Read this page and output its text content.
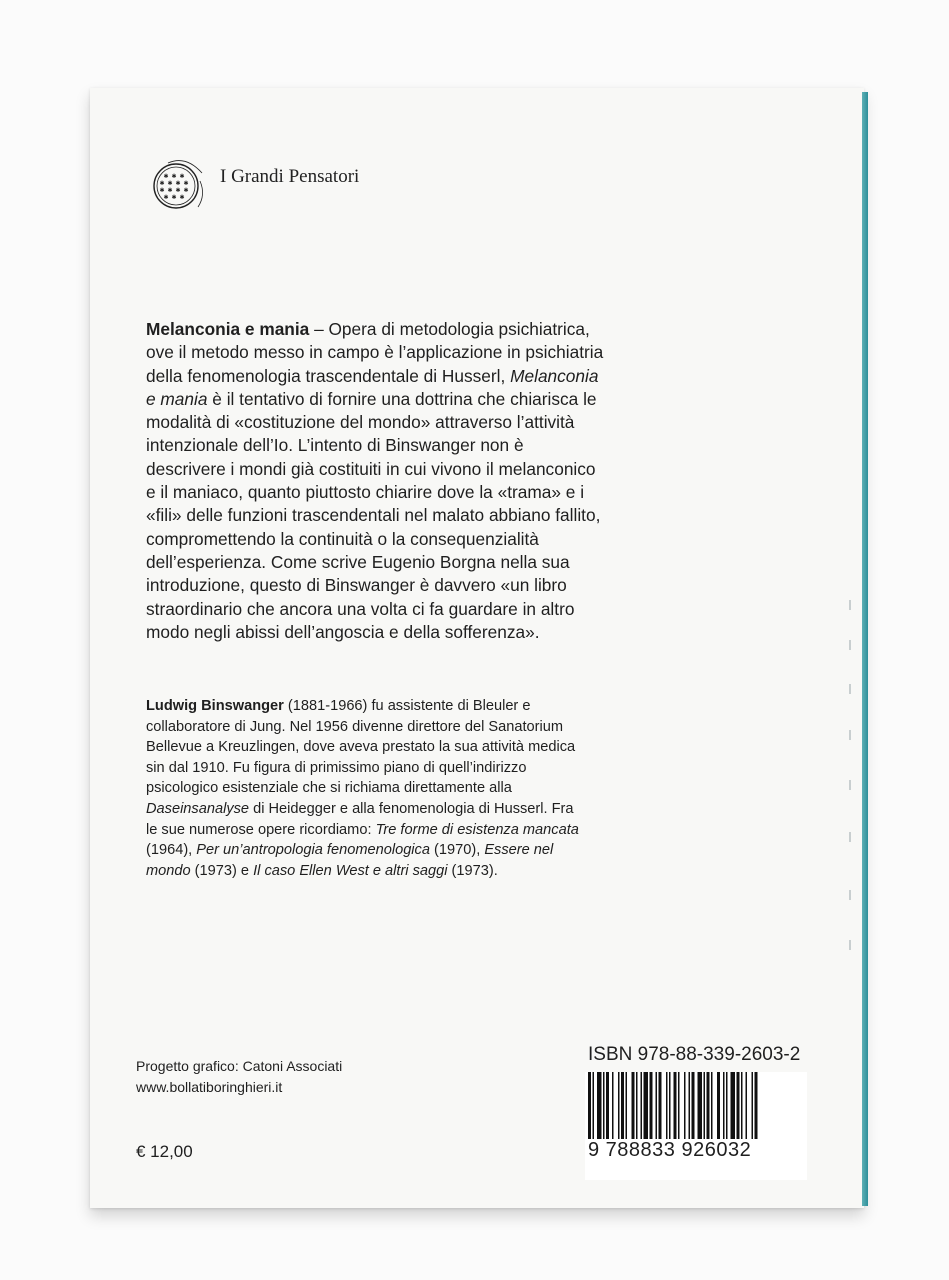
✱ ✱ ✱
✱ ✱ ✱ ✱
✱ ✱ ✱ ✱
✱ ✱ ✱
I Grandi Pensatori

Melanconia e mania – Opera di metodologia psichiatrica, ove il metodo messo in campo è l’applicazione in psichiatria della fenomenologia trascendentale di Husserl, Melanconia e mania è il tentativo di fornire una dottrina che chiarisca le modalità di «costituzione del mondo» attraverso l’attività intenzionale dell’Io. L’intento di Binswanger non è descrivere i mondi già costituiti in cui vivono il melanconico e il maniaco, quanto piuttosto chiarire dove la «trama» e i «fili» delle funzioni trascendentali nel malato abbiano fallito, compromettendo la continuità o la consequenzialità dell’esperienza. Come scrive Eugenio Borgna nella sua introduzione, questo di Binswanger è davvero «un libro straordinario che ancora una volta ci fa guardare in altro modo negli abissi dell’angoscia e della sofferenza».

Ludwig Binswanger (1881-1966) fu assistente di Bleuler e collaboratore di Jung. Nel 1956 divenne direttore del Sanatorium Bellevue a Kreuzlingen, dove aveva prestato la sua attività medica sin dal 1910. Fu figura di primissimo piano di quell’indirizzo psicologico esistenziale che si richiama direttamente alla Daseinsanalyse di Heidegger e alla fenomenologia di Husserl. Fra le sue numerose opere ricordiamo: Tre forme di esistenza mancata (1964), Per un’antropologia fenomenologica (1970), Essere nel mondo (1973) e Il caso Ellen West e altri saggi (1973).

Progetto grafico: Catoni Associati
www.bollatiboringhieri.it
€ 12,00
ISBN 978-88-339-2603-2
9 788833 926032
